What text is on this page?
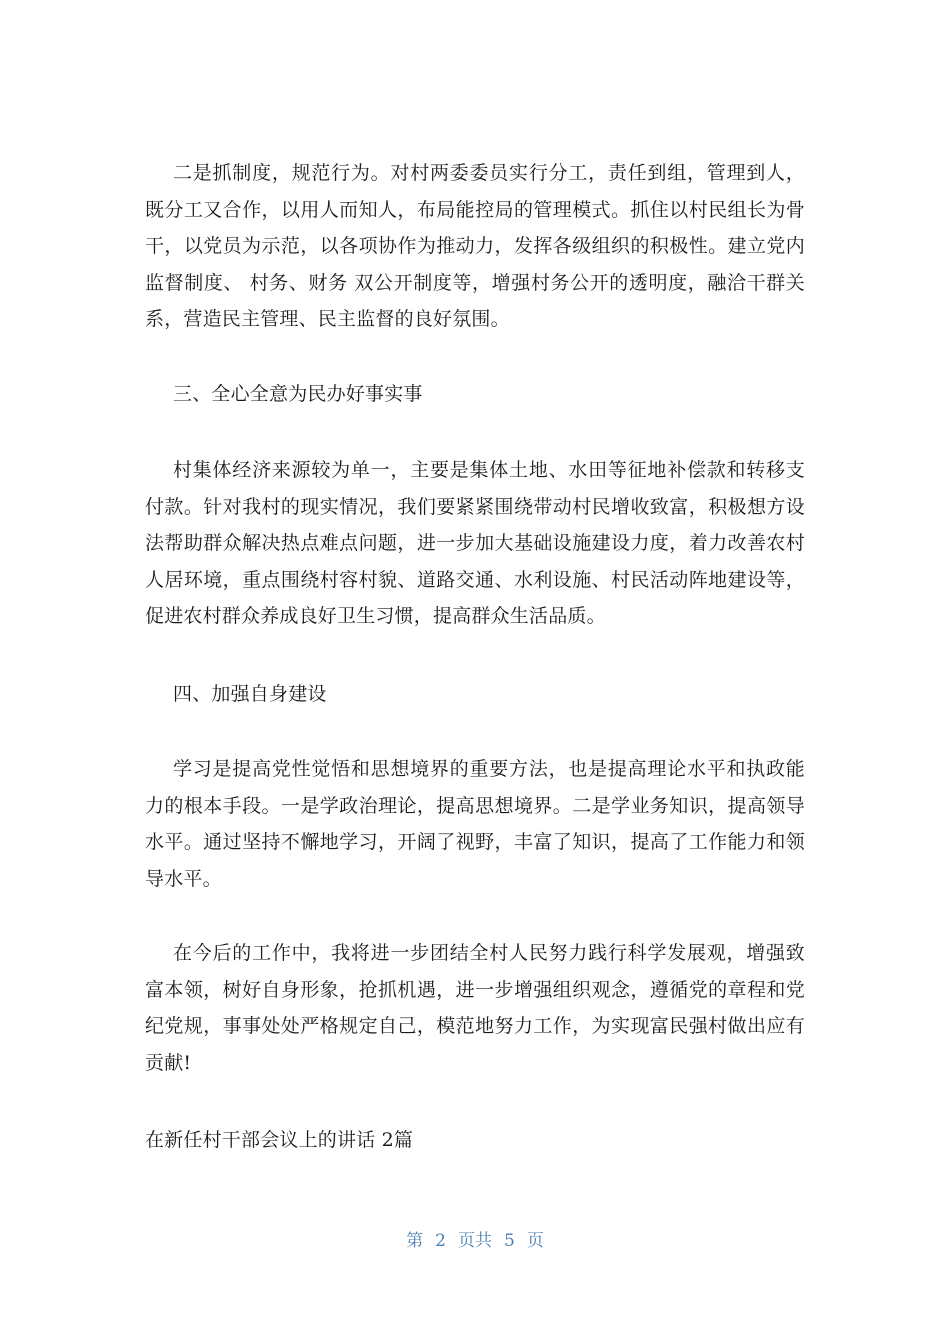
二是抓制度，规范行为。对村两委委员实行分工，责任到组，管理到人，既分工又合作，以用人而知人，布局能控局的管理模式。抓住以村民组长为骨干，以党员为示范，以各项协作为推动力，发挥各级组织的积极性。建立党内监督制度、 村务、财务 双公开制度等，增强村务公开的透明度，融洽干群关系，营造民主管理、民主监督的良好氛围。

三、全心全意为民办好事实事

村集体经济来源较为单一，主要是集体土地、水田等征地补偿款和转移支付款。针对我村的现实情况，我们要紧紧围绕带动村民增收致富，积极想方设法帮助群众解决热点难点问题，进一步加大基础设施建设力度，着力改善农村人居环境，重点围绕村容村貌、道路交通、水利设施、村民活动阵地建设等，促进农村群众养成良好卫生习惯，提高群众生活品质。

四、加强自身建设

学习是提高党性觉悟和思想境界的重要方法，也是提高理论水平和执政能力的根本手段。一是学政治理论，提高思想境界。二是学业务知识，提高领导水平。通过坚持不懈地学习，开阔了视野，丰富了知识，提高了工作能力和领导水平。

在今后的工作中，我将进一步团结全村人民努力践行科学发展观，增强致富本领，树好自身形象，抢抓机遇，进一步增强组织观念，遵循党的章程和党纪党规，事事处处严格规定自己，模范地努力工作，为实现富民强村做出应有贡献!

在新任村干部会议上的讲话 2篇

第 2 页共 5 页
